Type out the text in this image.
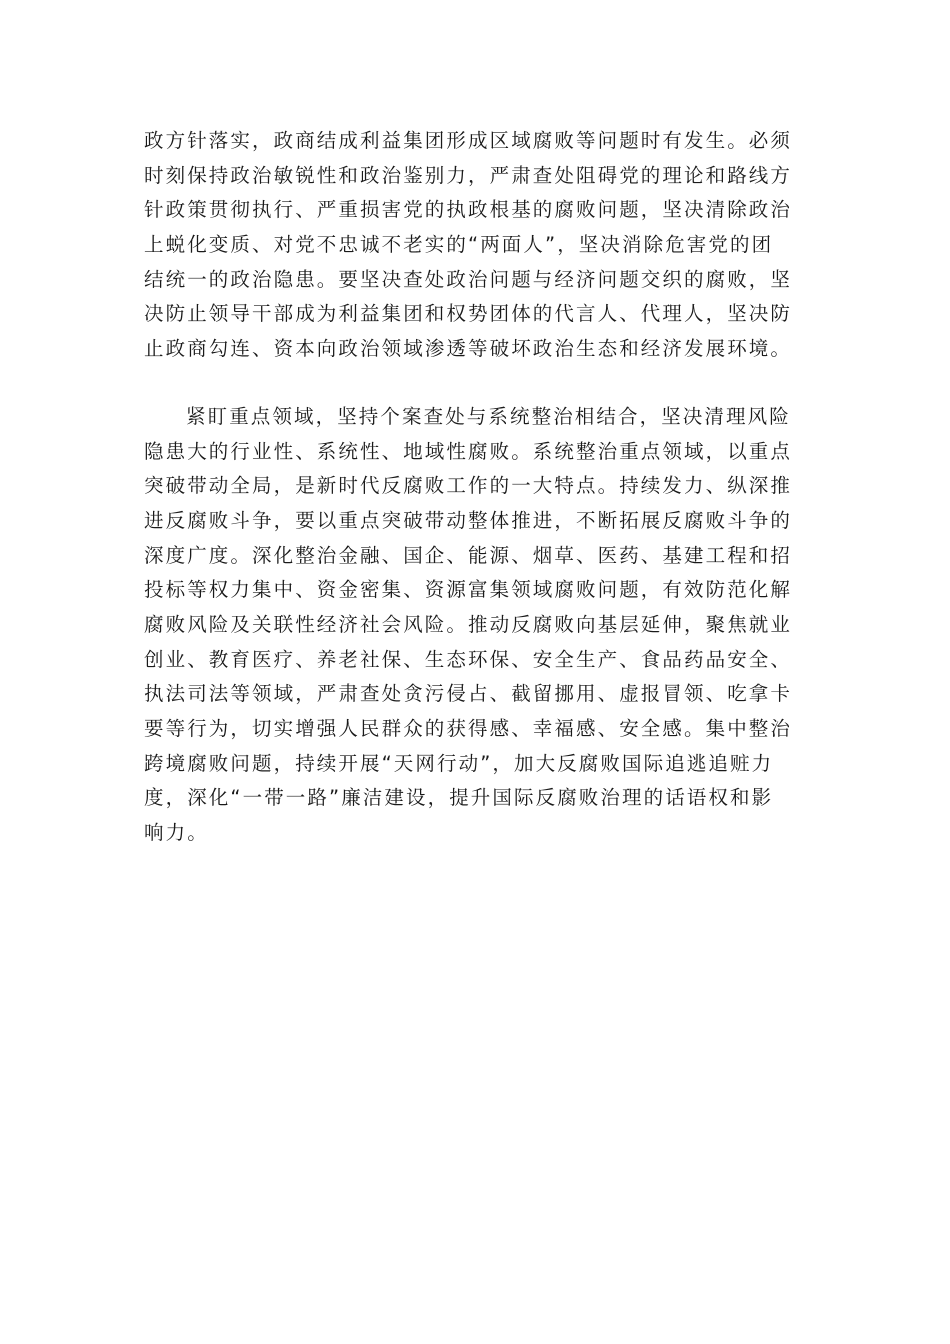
政方针落实，政商结成利益集团形成区域腐败等问题时有发生。必须
时刻保持政治敏锐性和政治鉴别力，严肃查处阻碍党的理论和路线方
针政策贯彻执行、严重损害党的执政根基的腐败问题，坚决清除政治
上蜕化变质、对党不忠诚不老实的“两面人”，坚决消除危害党的团
结统一的政治隐患。要坚决查处政治问题与经济问题交织的腐败，坚
决防止领导干部成为利益集团和权势团体的代言人、代理人，坚决防
止政商勾连、资本向政治领域渗透等破坏政治生态和经济发展环境。
紧盯重点领域，坚持个案查处与系统整治相结合，坚决清理风险
隐患大的行业性、系统性、地域性腐败。系统整治重点领域，以重点
突破带动全局，是新时代反腐败工作的一大特点。持续发力、纵深推
进反腐败斗争，要以重点突破带动整体推进，不断拓展反腐败斗争的
深度广度。深化整治金融、国企、能源、烟草、医药、基建工程和招
投标等权力集中、资金密集、资源富集领域腐败问题，有效防范化解
腐败风险及关联性经济社会风险。推动反腐败向基层延伸，聚焦就业
创业、教育医疗、养老社保、生态环保、安全生产、食品药品安全、
执法司法等领域，严肃查处贪污侵占、截留挪用、虚报冒领、吃拿卡
要等行为，切实增强人民群众的获得感、幸福感、安全感。集中整治
跨境腐败问题，持续开展“天网行动”，加大反腐败国际追逃追赃力
度，深化“一带一路”廉洁建设，提升国际反腐败治理的话语权和影
响力。
